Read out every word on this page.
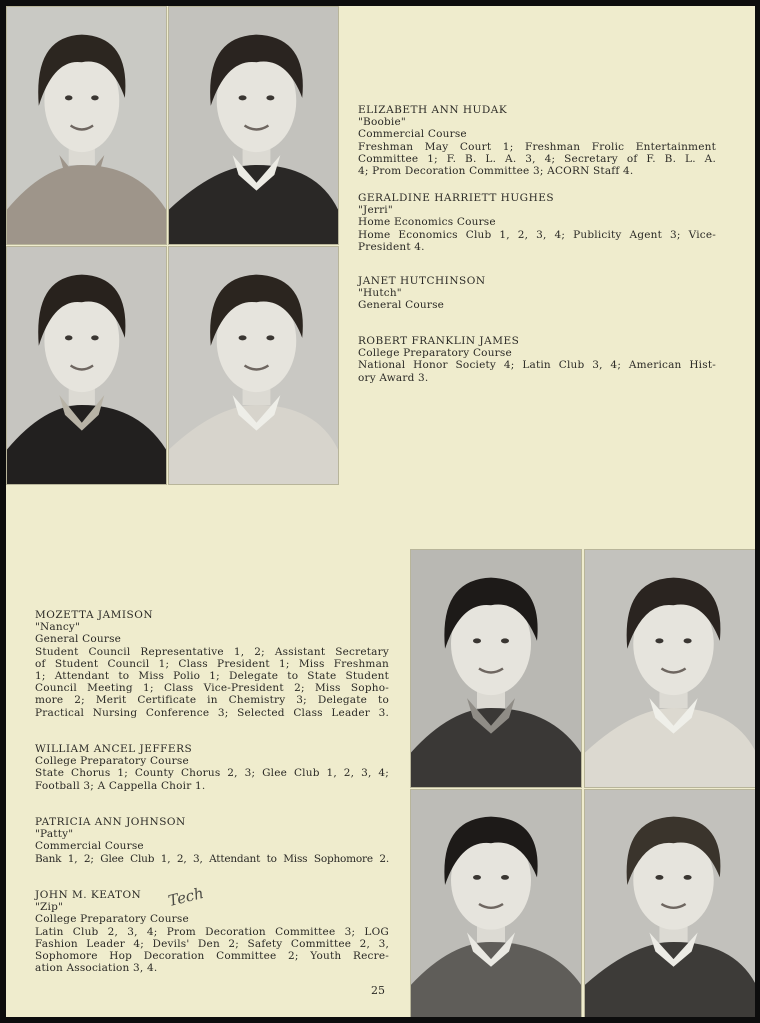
ELIZABETH ANN HUDAK
"Boobie"
Commercial Course
Freshman May Court 1; Freshman Frolic Entertainment
Committee 1; F. B. L. A. 3, 4; Secretary of F. B. L. A.
4; Prom Decoration Committee 3; ACORN Staff 4.
GERALDINE HARRIETT HUGHES
"Jerri"
Home Economics Course
Home Economics Club 1, 2, 3, 4; Publicity Agent 3; Vice-
President 4.
JANET HUTCHINSON
"Hutch"
General Course
ROBERT FRANKLIN JAMES
College Preparatory Course
National Honor Society 4; Latin Club 3, 4; American Hist-
ory Award 3.
MOZETTA JAMISON
"Nancy"
General Course
Student Council Representative 1, 2; Assistant Secretary
of Student Council 1; Class President 1; Miss Freshman
1; Attendant to Miss Polio 1; Delegate to State Student
Council Meeting 1; Class Vice-President 2; Miss Sopho-
more 2; Merit Certificate in Chemistry 3; Delegate to
Practical Nursing Conference 3; Selected Class Leader 3.
WILLIAM ANCEL JEFFERS
College Preparatory Course
State Chorus 1; County Chorus 2, 3; Glee Club 1, 2, 3, 4;
Football 3; A Cappella Choir 1.
PATRICIA ANN JOHNSON
"Patty"
Commercial Course
Bank 1, 2; Glee Club 1, 2, 3, Attendant to Miss Sophomore 2.
JOHN M. KEATON
"Zip"
College Preparatory Course
Latin Club 2, 3, 4; Prom Decoration Committee 3; LOG
Fashion Leader 4; Devils' Den 2; Safety Committee 2, 3,
Sophomore Hop Decoration Committee 2; Youth Recre-
ation Association 3, 4.
Tech
25
